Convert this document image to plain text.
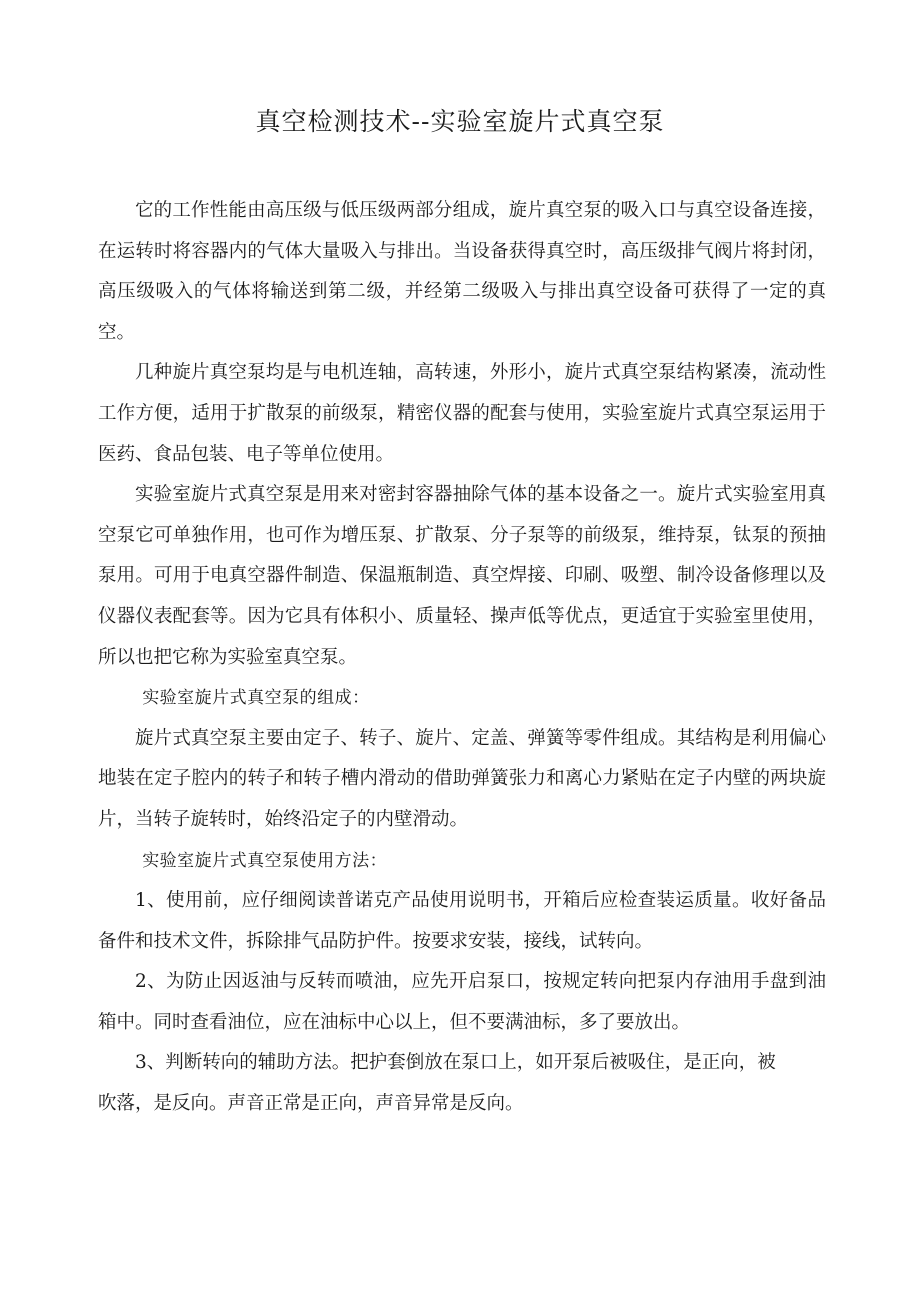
真空检测技术--实验室旋片式真空泵

它的工作性能由高压级与低压级两部分组成，旋片真空泵的吸入口与真空设备连接，在运转时将容器内的气体大量吸入与排出。当设备获得真空时，高压级排气阀片将封闭，高压级吸入的气体将输送到第二级，并经第二级吸入与排出真空设备可获得了一定的真空。

几种旋片真空泵均是与电机连轴，高转速，外形小，旋片式真空泵结构紧凑，流动性工作方便，适用于扩散泵的前级泵，精密仪器的配套与使用，实验室旋片式真空泵运用于医药、食品包装、电子等单位使用。

实验室旋片式真空泵是用来对密封容器抽除气体的基本设备之一。旋片式实验室用真空泵它可单独作用，也可作为增压泵、扩散泵、分子泵等的前级泵，维持泵，钛泵的预抽泵用。可用于电真空器件制造、保温瓶制造、真空焊接、印刷、吸塑、制冷设备修理以及仪器仪表配套等。因为它具有体积小、质量轻、操声低等优点，更适宜于实验室里使用，所以也把它称为实验室真空泵。

实验室旋片式真空泵的组成：

旋片式真空泵主要由定子、转子、旋片、定盖、弹簧等零件组成。其结构是利用偏心地装在定子腔内的转子和转子槽内滑动的借助弹簧张力和离心力紧贴在定子内壁的两块旋片，当转子旋转时，始终沿定子的内壁滑动。

实验室旋片式真空泵使用方法：

1、使用前，应仔细阅读普诺克产品使用说明书，开箱后应检查装运质量。收好备品备件和技术文件，拆除排气品防护件。按要求安装，接线，试转向。

2、为防止因返油与反转而喷油，应先开启泵口，按规定转向把泵内存油用手盘到油箱中。同时查看油位，应在油标中心以上，但不要满油标，多了要放出。

3、判断转向的辅助方法。把护套倒放在泵口上，如开泵后被吸住，是正向，被吹落，是反向。声音正常是正向，声音异常是反向。
